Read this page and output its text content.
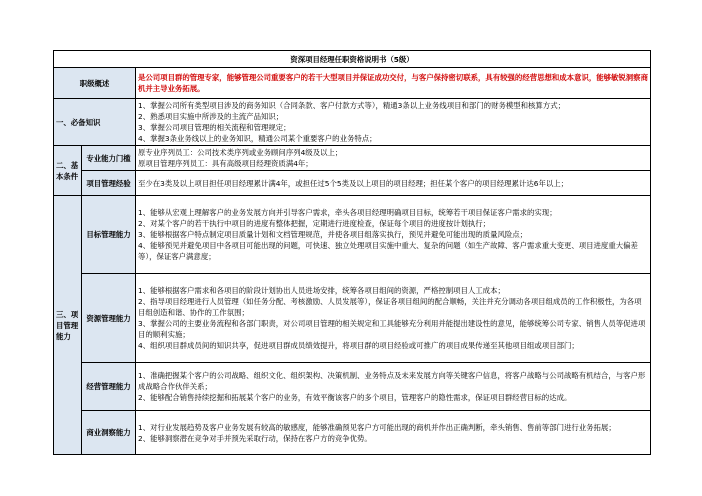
资深项目经理任职资格说明书（5级）		
职级概述		是公司项目群的管理专家，能够管理公司重要客户的若干大型项目并保证成功交付，与客户保持密切联系，具有较强的经营思想和成本意识，能够敏锐洞察商机并主导业务拓展。
一、必备知识		1、掌握公司所有类型项目涉及的商务知识（合同条款、客户付款方式等），精通3条以上业务线项目和部门的财务模型和核算方式；
2、熟悉项目实施中所涉及的主流产品知识；
3、掌握公司项目管理的相关流程和管理规定；
4、掌握3条业务线以上的业务知识，精通公司某个重要客户的业务特点；

二、基本条件	专业能力门槛	原专业序列员工：公司技术类序列或业务顾问序列4级及以上；
原项目管理序列员工：具有高级项目经理资质满4年；

	项目管理经验	至少在3类及以上项目担任项目经理累计满4年，或担任过5个5类及以上项目的项目经理；担任某个客户的项目经理累计达6年以上；

三、项目管理能力	目标管理能力	1、能够从宏观上理解客户的业务发展方向并引导客户需求，牵头各项目经理明确项目目标，统筹若干项目保证客户需求的实现；
2、对某个客户的若干执行中项目的进度有整体把握，定期进行进度检查，保证每个项目的进度按计划执行；
3、能够根据客户特点制定项目质量计划和文档管理规范，并使各项目组落实执行，预见并避免可能出现的质量风险点；
4、能够预见并避免项目中各项目可能出现的问题，可快速、独立处理项目实施中重大、复杂的问题（如生产故障、客户需求重大变更、项目进度重大偏差等），保证客户满意度；

	资源管理能力	1、能够根据客户需求和各项目的阶段计划协出人员进场安排，统筹各项目组间的资源，严格控制项目人工成本；
2、指导项目经理进行人员管理（如任务分配、考核激励、人员发展等），保证各项目组间的配合顺畅，关注并充分调动各项目组成员的工作积极性，为各项目组创造和谐、协作的工作氛围；
3、掌握公司的主要业务流程和各部门职责，对公司项目管理的相关规定和工具能够充分利用并能提出建设性的意见，能够统筹公司专家、销售人员等促进项目的顺利实施；
4、组织项目群成员间的知识共享，促进项目群成员绩效提升，将项目群的项目经验或可推广的项目成果传递至其他项目组或项目部门；

	经营管理能力	1、准确把握某个客户的公司战略、组织文化、组织架构、决策机制、业务特点及未来发展方向等关键客户信息，将客户战略与公司战略有机结合，与客户形成战略合作伙伴关系；
2、能够配合销售持续挖掘和拓展某个客户的业务，有效平衡该客户的多个项目，管理客户的隐性需求，保证项目群经营目标的达成。

	商业洞察能力	1、对行业发展趋势及客户业务发展有较高的敏感度，能够准确预见客户方可能出现的商机并作出正确判断，牵头销售、售前等部门进行业务拓展；
2、能够洞察潜在竞争对手并预先采取行动，保持在客户方的竞争优势。
